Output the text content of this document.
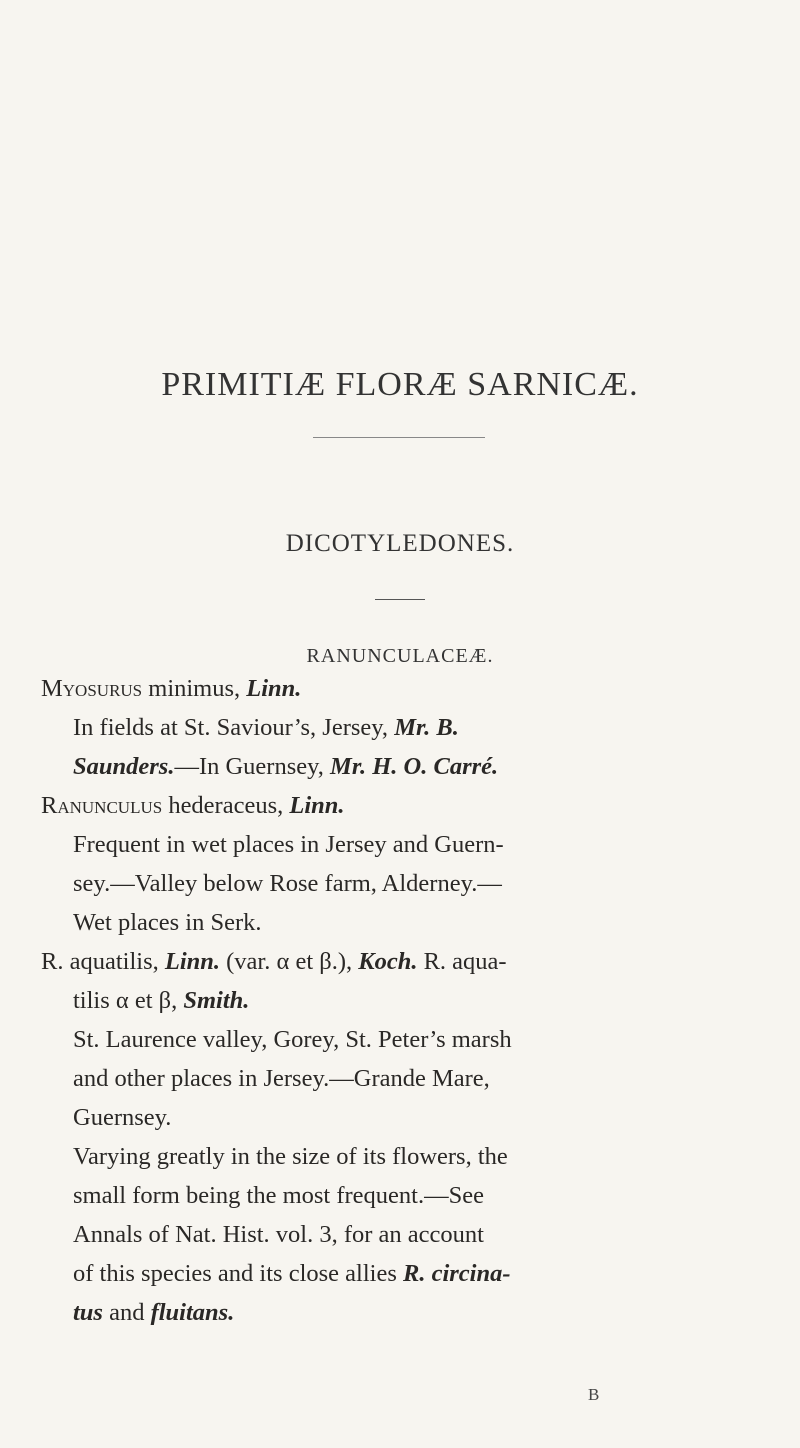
PRIMITIÆ FLORÆ SARNICÆ.
DICOTYLEDONES.
RANUNCULACEÆ.
Myosurus minimus, Linn.
In fields at St. Saviour’s, Jersey, Mr. B.
Saunders.—In Guernsey, Mr. H. O. Carré.
Ranunculus hederaceus, Linn.
Frequent in wet places in Jersey and Guern-
sey.—Valley below Rose farm, Alderney.—
Wet places in Serk.
R. aquatilis, Linn. (var. α et β.), Koch. R. aqua-
tilis α et β, Smith.
St. Laurence valley, Gorey, St. Peter’s marsh
and other places in Jersey.—Grande Mare,
Guernsey.
Varying greatly in the size of its flowers, the
small form being the most frequent.—See
Annals of Nat. Hist. vol. 3, for an account
of this species and its close allies R. circina-
tus and fluitans.
B
